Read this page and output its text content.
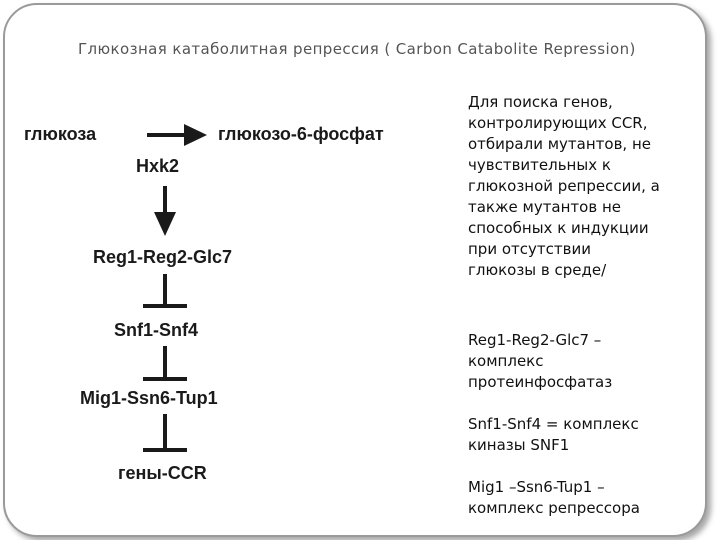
Глюкозная катаболитная репрессия ( Carbon Catabolite Repression)
глюкоза	глюкозо-6-фосфат
Hxk2
Reg1-Reg2-Glc7
Snf1-Snf4
Mig1-Ssn6-Tup1
гены-CCR
Для поиска генов,
контролирующих CCR,
отбирали мутантов, не
чувствительных к
глюкозной репрессии, а
также мутантов не
способных к индукции
при отсутствии
глюкозы в среде/
Reg1-Reg2-Glc7 –
комплекс
протеинфосфатаз

Snf1-Snf4 = комплекс
киназы SNF1

Mig1 –Ssn6-Tup1 –
комплекс репрессора
